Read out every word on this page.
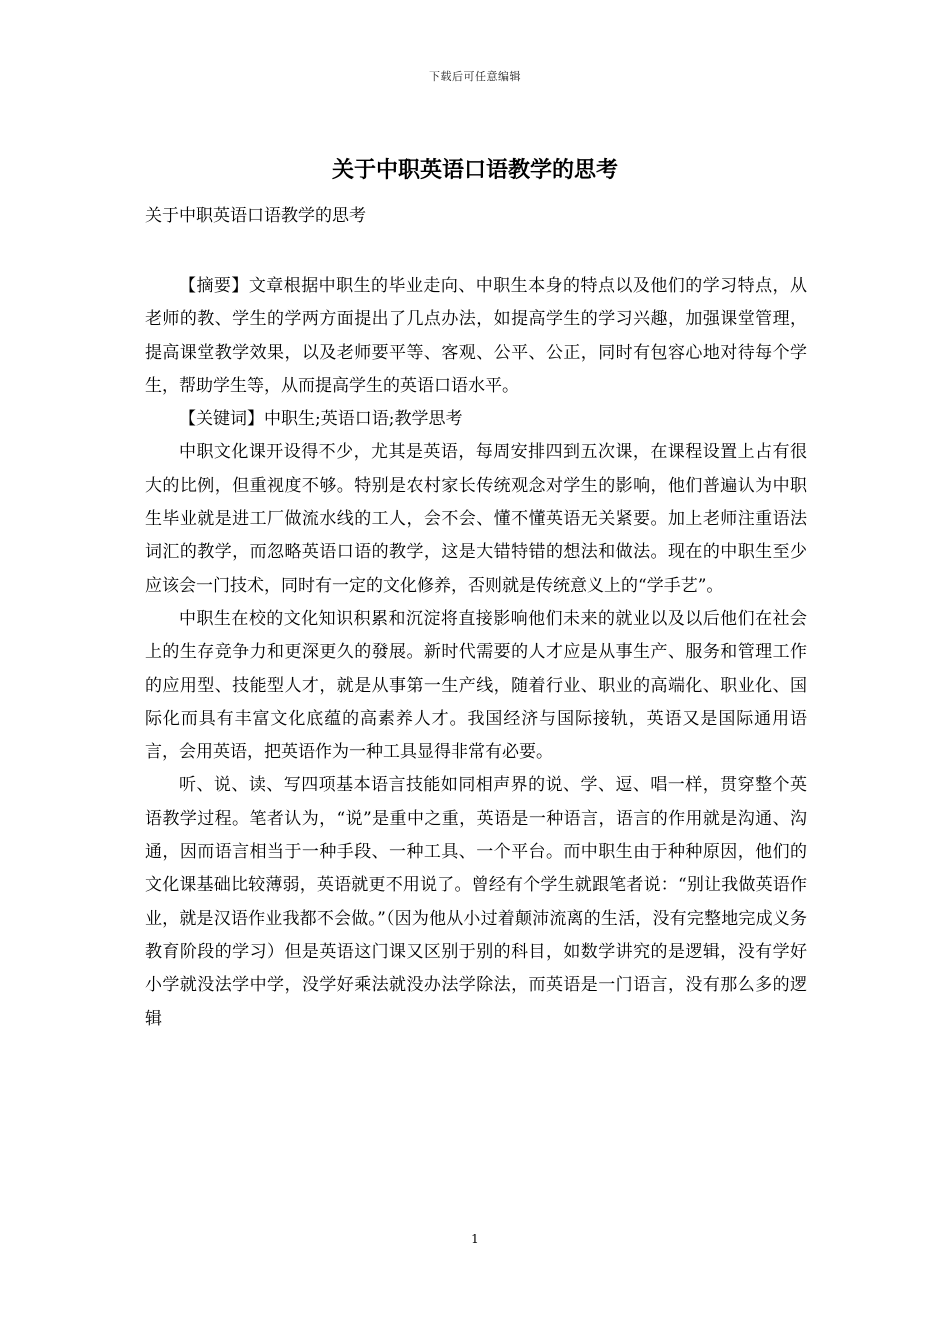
下载后可任意编辑
关于中职英语口语教学的思考
关于中职英语口语教学的思考

【摘要】文章根据中职生的毕业走向、中职生本身的特点以及他们的学习特点，从老师的教、学生的学两方面提出了几点办法，如提高学生的学习兴趣，加强课堂管理，提高课堂教学效果，以及老师要平等、客观、公平、公正，同时有包容心地对待每个学生，帮助学生等，从而提高学生的英语口语水平。

【关键词】中职生;英语口语;教学思考

中职文化课开设得不少，尤其是英语，每周安排四到五次课，在课程设置上占有很大的比例，但重视度不够。特别是农村家长传统观念对学生的影响，他们普遍认为中职生毕业就是进工厂做流水线的工人，会不会、懂不懂英语无关紧要。加上老师注重语法词汇的教学，而忽略英语口语的教学，这是大错特错的想法和做法。现在的中职生至少应该会一门技术，同时有一定的文化修养，否则就是传统意义上的“学手艺”。

中职生在校的文化知识积累和沉淀将直接影响他们未来的就业以及以后他们在社会上的生存竞争力和更深更久的發展。新时代需要的人才应是从事生产、服务和管理工作的应用型、技能型人才，就是从事第一生产线，随着行业、职业的高端化、职业化、国际化而具有丰富文化底蕴的高素养人才。我国经济与国际接轨，英语又是国际通用语言，会用英语，把英语作为一种工具显得非常有必要。

听、说、读、写四项基本语言技能如同相声界的说、学、逗、唱一样，贯穿整个英语教学过程。笔者认为，“说”是重中之重，英语是一种语言，语言的作用就是沟通、沟通，因而语言相当于一种手段、一种工具、一个平台。而中职生由于种种原因，他们的文化课基础比较薄弱，英语就更不用说了。曾经有个学生就跟笔者说：“别让我做英语作业，就是汉语作业我都不会做。”（因为他从小过着颠沛流离的生活，没有完整地完成义务教育阶段的学习）但是英语这门课又区别于别的科目，如数学讲究的是逻辑，没有学好小学就没法学中学，没学好乘法就没办法学除法，而英语是一门语言，没有那么多的逻辑

1
